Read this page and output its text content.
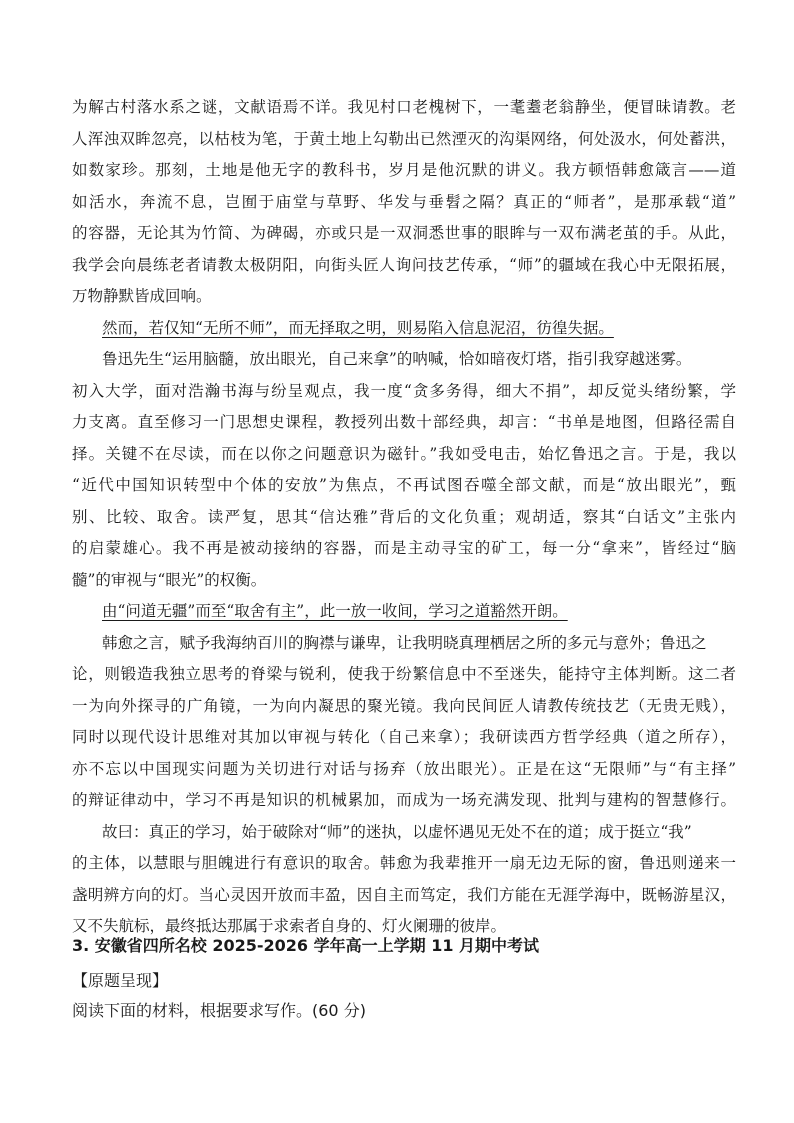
为解古村落水系之谜，文献语焉不详。我见村口老槐树下，一耄耋老翁静坐，便冒昧请教。老
人浑浊双眸忽亮，以枯枝为笔，于黄土地上勾勒出已然湮灭的沟渠网络，何处汲水，何处蓄洪，
如数家珍。那刻，土地是他无字的教科书，岁月是他沉默的讲义。我方顿悟韩愈箴言——道
如活水，奔流不息，岂囿于庙堂与草野、华发与垂髫之隔？真正的“师者”，是那承载“道”
的容器，无论其为竹简、为碑碣，亦或只是一双洞悉世事的眼眸与一双布满老茧的手。从此，
我学会向晨练老者请教太极阴阳，向街头匠人询问技艺传承，“师”的疆域在我心中无限拓展，
万物静默皆成回响。
然而，若仅知“无所不师”，而无择取之明，则易陷入信息泥沼，彷徨失据。
鲁迅先生“运用脑髓，放出眼光，自己来拿”的呐喊，恰如暗夜灯塔，指引我穿越迷雾。
初入大学，面对浩瀚书海与纷呈观点，我一度“贪多务得，细大不捐”，却反觉头绪纷繁，学
力支离。直至修习一门思想史课程，教授列出数十部经典，却言：“书单是地图，但路径需自
择。关键不在尽读，而在以你之问题意识为磁针。”我如受电击，始忆鲁迅之言。于是，我以
“近代中国知识转型中个体的安放”为焦点，不再试图吞噬全部文献，而是“放出眼光”，甄
别、比较、取舍。读严复，思其“信达雅”背后的文化负重；观胡适，察其“白话文”主张内
的启蒙雄心。我不再是被动接纳的容器，而是主动寻宝的矿工，每一分“拿来”，皆经过“脑
髓”的审视与“眼光”的权衡。
由“问道无疆”而至“取舍有主”，此一放一收间，学习之道豁然开朗。
韩愈之言，赋予我海纳百川的胸襟与谦卑，让我明晓真理栖居之所的多元与意外；鲁迅之
论，则锻造我独立思考的脊梁与锐利，使我于纷繁信息中不至迷失，能持守主体判断。这二者
一为向外探寻的广角镜，一为向内凝思的聚光镜。我向民间匠人请教传统技艺（无贵无贱），
同时以现代设计思维对其加以审视与转化（自己来拿）；我研读西方哲学经典（道之所存），
亦不忘以中国现实问题为关切进行对话与扬弃（放出眼光）。正是在这“无限师”与“有主择”
的辩证律动中，学习不再是知识的机械累加，而成为一场充满发现、批判与建构的智慧修行。
故曰：真正的学习，始于破除对“师”的迷执，以虚怀遇见无处不在的道；成于挺立“我”
的主体，以慧眼与胆魄进行有意识的取舍。韩愈为我辈推开一扇无边无际的窗，鲁迅则递来一
盏明辨方向的灯。当心灵因开放而丰盈，因自主而笃定，我们方能在无涯学海中，既畅游星汉，
又不失航标，最终抵达那属于求索者自身的、灯火阑珊的彼岸。
3. 安徽省四所名校 2025-2026 学年高一上学期 11 月期中考试
【原题呈现】
阅读下面的材料，根据要求写作。(60 分)
